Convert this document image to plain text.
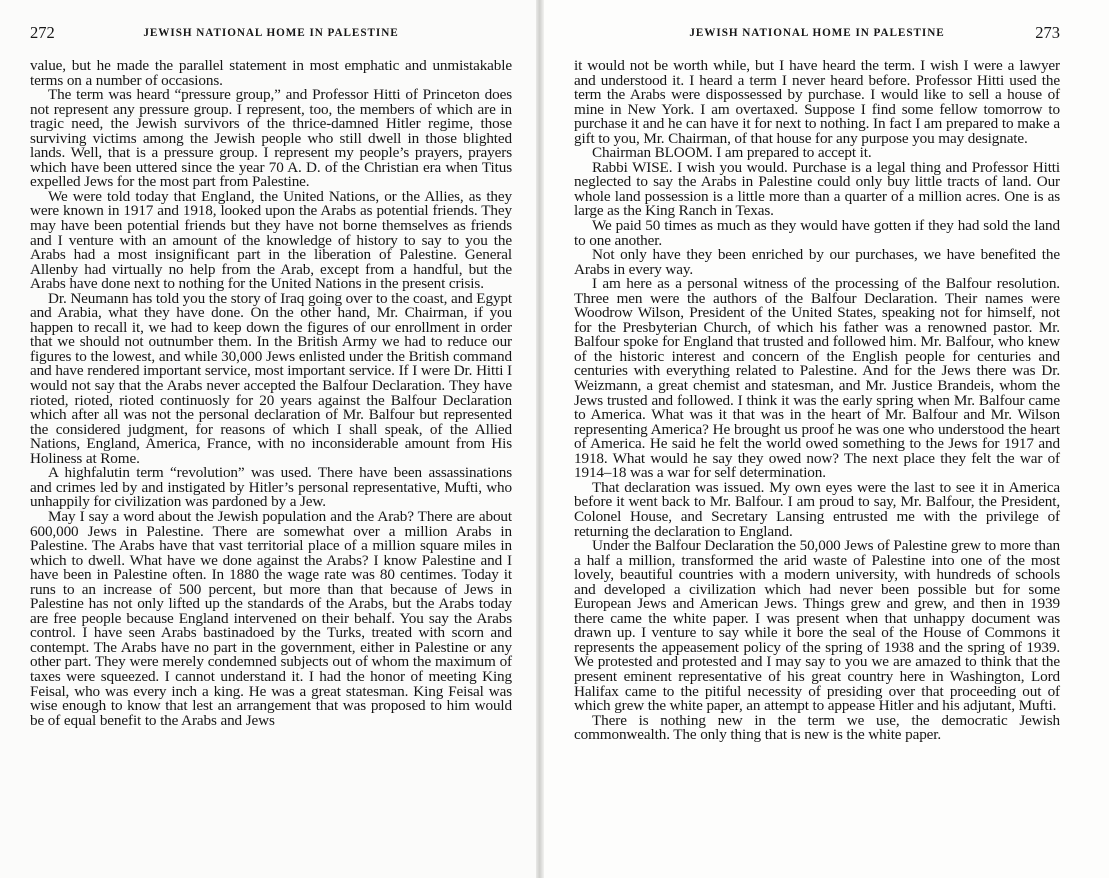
272	JEWISH NATIONAL HOME IN PALESTINE

value, but he made the parallel statement in most emphatic and unmistakable terms on a number of occasions.

The term was heard “pressure group,” and Professor Hitti of Princeton does not represent any pressure group. I represent, too, the members of which are in tragic need, the Jewish survivors of the thrice-damned Hitler regime, those surviving victims among the Jewish people who still dwell in those blighted lands. Well, that is a pressure group. I represent my people’s prayers, prayers which have been uttered since the year 70 A. D. of the Christian era when Titus expelled Jews for the most part from Palestine.

We were told today that England, the United Nations, or the Allies, as they were known in 1917 and 1918, looked upon the Arabs as potential friends. They may have been potential friends but they have not borne themselves as friends and I venture with an amount of the knowledge of history to say to you the Arabs had a most insignificant part in the liberation of Palestine. General Allenby had virtually no help from the Arab, except from a handful, but the Arabs have done next to nothing for the United Nations in the present crisis.

Dr. Neumann has told you the story of Iraq going over to the coast, and Egypt and Arabia, what they have done. On the other hand, Mr. Chairman, if you happen to recall it, we had to keep down the figures of our enrollment in order that we should not outnumber them. In the British Army we had to reduce our figures to the lowest, and while 30,000 Jews enlisted under the British command and have rendered important service, most important service. If I were Dr. Hitti I would not say that the Arabs never accepted the Balfour Declaration. They have rioted, rioted, rioted continuosly for 20 years against the Balfour Declaration which after all was not the personal declaration of Mr. Balfour but represented the considered judgment, for reasons of which I shall speak, of the Allied Nations, England, America, France, with no inconsiderable amount from His Holiness at Rome.

A highfalutin term “revolution” was used. There have been assassinations and crimes led by and instigated by Hitler’s personal representative, Mufti, who unhappily for civilization was pardoned by a Jew.

May I say a word about the Jewish population and the Arab? There are about 600,000 Jews in Palestine. There are somewhat over a million Arabs in Palestine. The Arabs have that vast territorial place of a million square miles in which to dwell. What have we done against the Arabs? I know Palestine and I have been in Palestine often. In 1880 the wage rate was 80 centimes. Today it runs to an increase of 500 percent, but more than that because of Jews in Palestine has not only lifted up the standards of the Arabs, but the Arabs today are free people because England intervened on their behalf. You say the Arabs control. I have seen Arabs bastinadoed by the Turks, treated with scorn and contempt. The Arabs have no part in the government, either in Palestine or any other part. They were merely condemned subjects out of whom the maximum of taxes were squeezed. I cannot understand it. I had the honor of meeting King Feisal, who was every inch a king. He was a great statesman. King Feisal was wise enough to know that lest an arrangement that was proposed to him would be of equal benefit to the Arabs and Jews

JEWISH NATIONAL HOME IN PALESTINE	273

it would not be worth while, but I have heard the term. I wish I were a lawyer and understood it. I heard a term I never heard before. Professor Hitti used the term the Arabs were dispossessed by purchase. I would like to sell a house of mine in New York. I am overtaxed. Suppose I find some fellow tomorrow to purchase it and he can have it for next to nothing. In fact I am prepared to make a gift to you, Mr. Chairman, of that house for any purpose you may designate.

Chairman BLOOM. I am prepared to accept it.

Rabbi WISE. I wish you would. Purchase is a legal thing and Professor Hitti neglected to say the Arabs in Palestine could only buy little tracts of land. Our whole land possession is a little more than a quarter of a million acres. One is as large as the King Ranch in Texas.

We paid 50 times as much as they would have gotten if they had sold the land to one another.

Not only have they been enriched by our purchases, we have benefited the Arabs in every way.

I am here as a personal witness of the processing of the Balfour resolution. Three men were the authors of the Balfour Declaration. Their names were Woodrow Wilson, President of the United States, speaking not for himself, not for the Presbyterian Church, of which his father was a renowned pastor. Mr. Balfour spoke for England that trusted and followed him. Mr. Balfour, who knew of the historic interest and concern of the English people for centuries and centuries with everything related to Palestine. And for the Jews there was Dr. Weizmann, a great chemist and statesman, and Mr. Justice Brandeis, whom the Jews trusted and followed. I think it was the early spring when Mr. Balfour came to America. What was it that was in the heart of Mr. Balfour and Mr. Wilson representing America? He brought us proof he was one who understood the heart of America. He said he felt the world owed something to the Jews for 1917 and 1918. What would he say they owed now? The next place they felt the war of 1914–18 was a war for self determination.

That declaration was issued. My own eyes were the last to see it in America before it went back to Mr. Balfour. I am proud to say, Mr. Balfour, the President, Colonel House, and Secretary Lansing entrusted me with the privilege of returning the declaration to England.

Under the Balfour Declaration the 50,000 Jews of Palestine grew to more than a half a million, transformed the arid waste of Palestine into one of the most lovely, beautiful countries with a modern university, with hundreds of schools and developed a civilization which had never been possible but for some European Jews and American Jews. Things grew and grew, and then in 1939 there came the white paper. I was present when that unhappy document was drawn up. I venture to say while it bore the seal of the House of Commons it represents the appeasement policy of the spring of 1938 and the spring of 1939. We protested and protested and I may say to you we are amazed to think that the present eminent representative of his great country here in Washington, Lord Halifax came to the pitiful necessity of presiding over that proceeding out of which grew the white paper, an attempt to appease Hitler and his adjutant, Mufti.

There is nothing new in the term we use, the democratic Jewish commonwealth. The only thing that is new is the white paper.
